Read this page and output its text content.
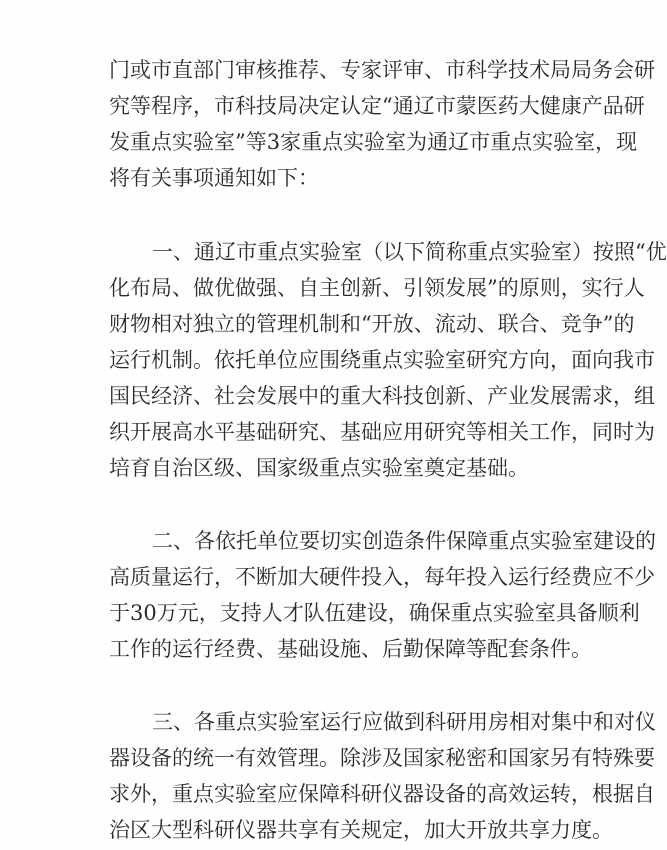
门或市直部门审核推荐、专家评审、市科学技术局局务会研
究等程序，市科技局决定认定“通辽市蒙医药大健康产品研
发重点实验室”等3家重点实验室为通辽市重点实验室，现
将有关事项通知如下：
一、通辽市重点实验室（以下简称重点实验室）按照“优
化布局、做优做强、自主创新、引领发展”的原则，实行人
财物相对独立的管理机制和“开放、流动、联合、竞争”的
运行机制。依托单位应围绕重点实验室研究方向，面向我市
国民经济、社会发展中的重大科技创新、产业发展需求，组
织开展高水平基础研究、基础应用研究等相关工作，同时为
培育自治区级、国家级重点实验室奠定基础。
二、各依托单位要切实创造条件保障重点实验室建设的
高质量运行，不断加大硬件投入，每年投入运行经费应不少
于30万元，支持人才队伍建设，确保重点实验室具备顺利
工作的运行经费、基础设施、后勤保障等配套条件。
三、各重点实验室运行应做到科研用房相对集中和对仪
器设备的统一有效管理。除涉及国家秘密和国家另有特殊要
求外，重点实验室应保障科研仪器设备的高效运转，根据自
治区大型科研仪器共享有关规定，加大开放共享力度。
